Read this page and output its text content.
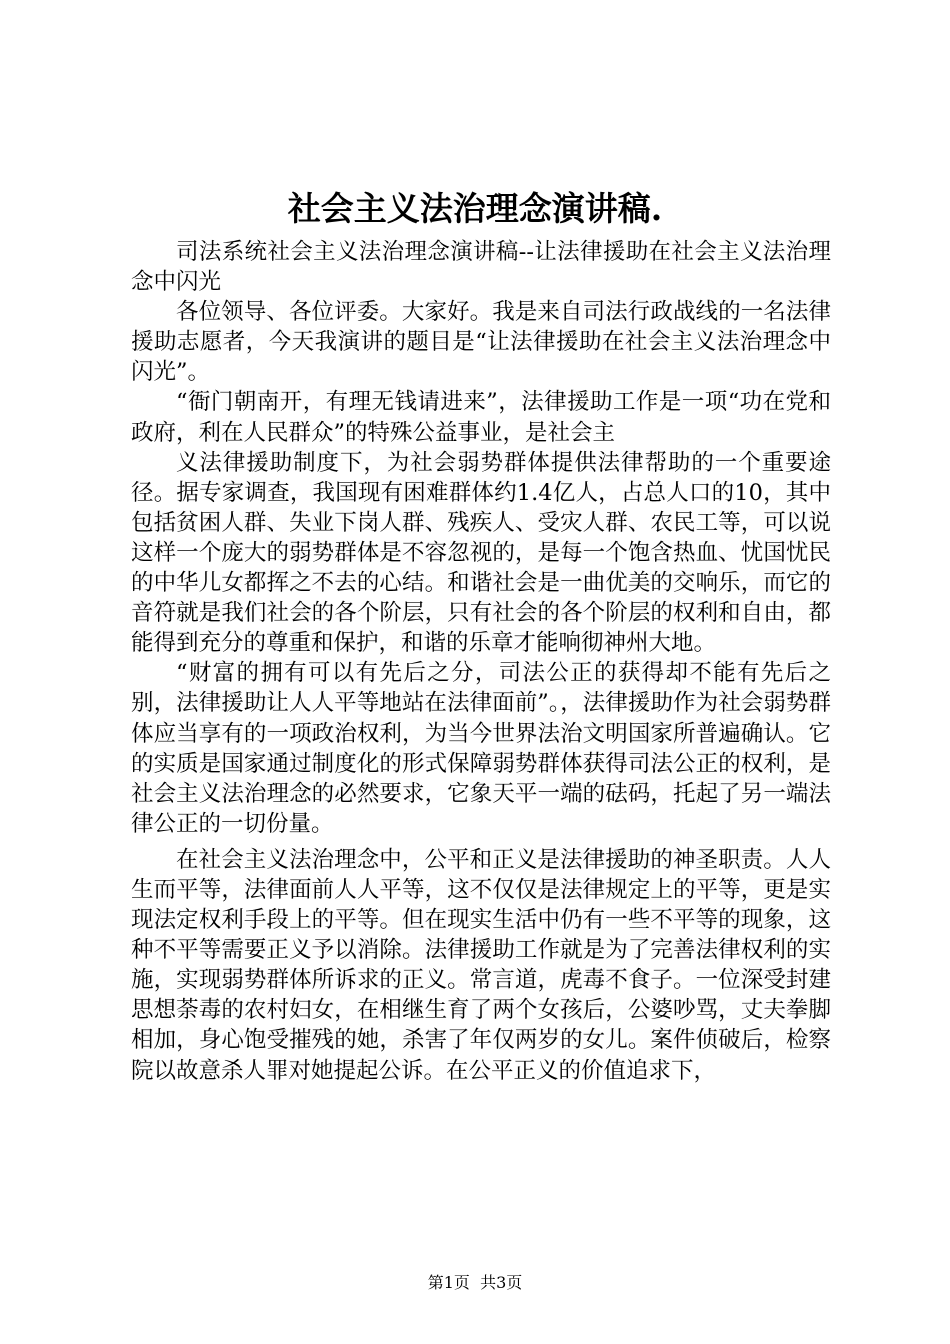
社会主义法治理念演讲稿.

司法系统社会主义法治理念演讲稿--让法律援助在社会主义法治理念中闪光

各位领导、各位评委。大家好。我是来自司法行政战线的一名法律援助志愿者，今天我演讲的题目是“让法律援助在社会主义法治理念中闪光”。

“衙门朝南开，有理无钱请进来”，法律援助工作是一项“功在党和政府，利在人民群众”的特殊公益事业，是社会主

义法律援助制度下，为社会弱势群体提供法律帮助的一个重要途径。据专家调查，我国现有困难群体约1.4亿人，占总人口的10，其中包括贫困人群、失业下岗人群、残疾人、受灾人群、农民工等，可以说这样一个庞大的弱势群体是不容忽视的，是每一个饱含热血、忧国忧民的中华儿女都挥之不去的心结。和谐社会是一曲优美的交响乐，而它的音符就是我们社会的各个阶层，只有社会的各个阶层的权利和自由，都能得到充分的尊重和保护，和谐的乐章才能响彻神州大地。

“财富的拥有可以有先后之分，司法公正的获得却不能有先后之别，法律援助让人人平等地站在法律面前”。，法律援助作为社会弱势群体应当享有的一项政治权利，为当今世界法治文明国家所普遍确认。它的实质是国家通过制度化的形式保障弱势群体获得司法公正的权利，是社会主义法治理念的必然要求，它象天平一端的砝码，托起了另一端法律公正的一切份量。

在社会主义法治理念中，公平和正义是法律援助的神圣职责。人人生而平等，法律面前人人平等，这不仅仅是法律规定上的平等，更是实现法定权利手段上的平等。但在现实生活中仍有一些不平等的现象，这种不平等需要正义予以消除。法律援助工作就是为了完善法律权利的实施，实现弱势群体所诉求的正义。常言道，虎毒不食子。一位深受封建思想荼毒的农村妇女，在相继生育了两个女孩后，公婆吵骂，丈夫拳脚相加，身心饱受摧残的她，杀害了年仅两岁的女儿。案件侦破后，检察院以故意杀人罪对她提起公诉。在公平正义的价值追求下，

第1页 共3页
